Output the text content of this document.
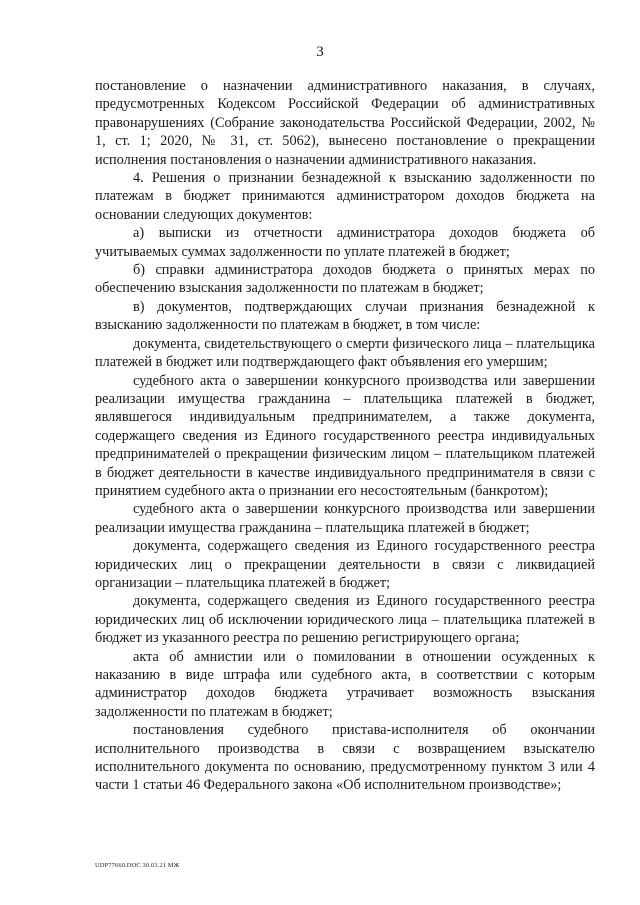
3

постановление о назначении административного наказания, в случаях, предусмотренных Кодексом Российской Федерации об административных правонарушениях (Собрание законодательства Российской Федерации, 2002, № 1, ст. 1; 2020, № 31, ст. 5062), вынесено постановление о прекращении исполнения постановления о назначении административного наказания.

4. Решения о признании безнадежной к взысканию задолженности по платежам в бюджет принимаются администратором доходов бюджета на основании следующих документов:

а) выписки из отчетности администратора доходов бюджета об учитываемых суммах задолженности по уплате платежей в бюджет;

б) справки администратора доходов бюджета о принятых мерах по обеспечению взыскания задолженности по платежам в бюджет;

в) документов, подтверждающих случаи признания безнадежной к взысканию задолженности по платежам в бюджет, в том числе:

документа, свидетельствующего о смерти физического лица – плательщика платежей в бюджет или подтверждающего факт объявления его умершим;

судебного акта о завершении конкурсного производства или завершении реализации имущества гражданина – плательщика платежей в бюджет, являвшегося индивидуальным предпринимателем, а также документа, содержащего сведения из Единого государственного реестра индивидуальных предпринимателей о прекращении физическим лицом – плательщиком платежей в бюджет деятельности в качестве индивидуального предпринимателя в связи с принятием судебного акта о признании его несостоятельным (банкротом);

судебного акта о завершении конкурсного производства или завершении реализации имущества гражданина – плательщика платежей в бюджет;

документа, содержащего сведения из Единого государственного реестра юридических лиц о прекращении деятельности в связи с ликвидацией организации – плательщика платежей в бюджет;

документа, содержащего сведения из Единого государственного реестра юридических лиц об исключении юридического лица – плательщика платежей в бюджет из указанного реестра по решению регистрирующего органа;

акта об амнистии или о помиловании в отношении осужденных к наказанию в виде штрафа или судебного акта, в соответствии с которым администратор доходов бюджета утрачивает возможность взыскания задолженности по платежам в бюджет;

постановления судебного пристава-исполнителя об окончании исполнительного производства в связи с возвращением взыскателю исполнительного документа по основанию, предусмотренному пунктом 3 или 4 части 1 статьи 46 Федерального закона «Об исполнительном производстве»;

UDP77660.DOC 30.03.21 МЖ
